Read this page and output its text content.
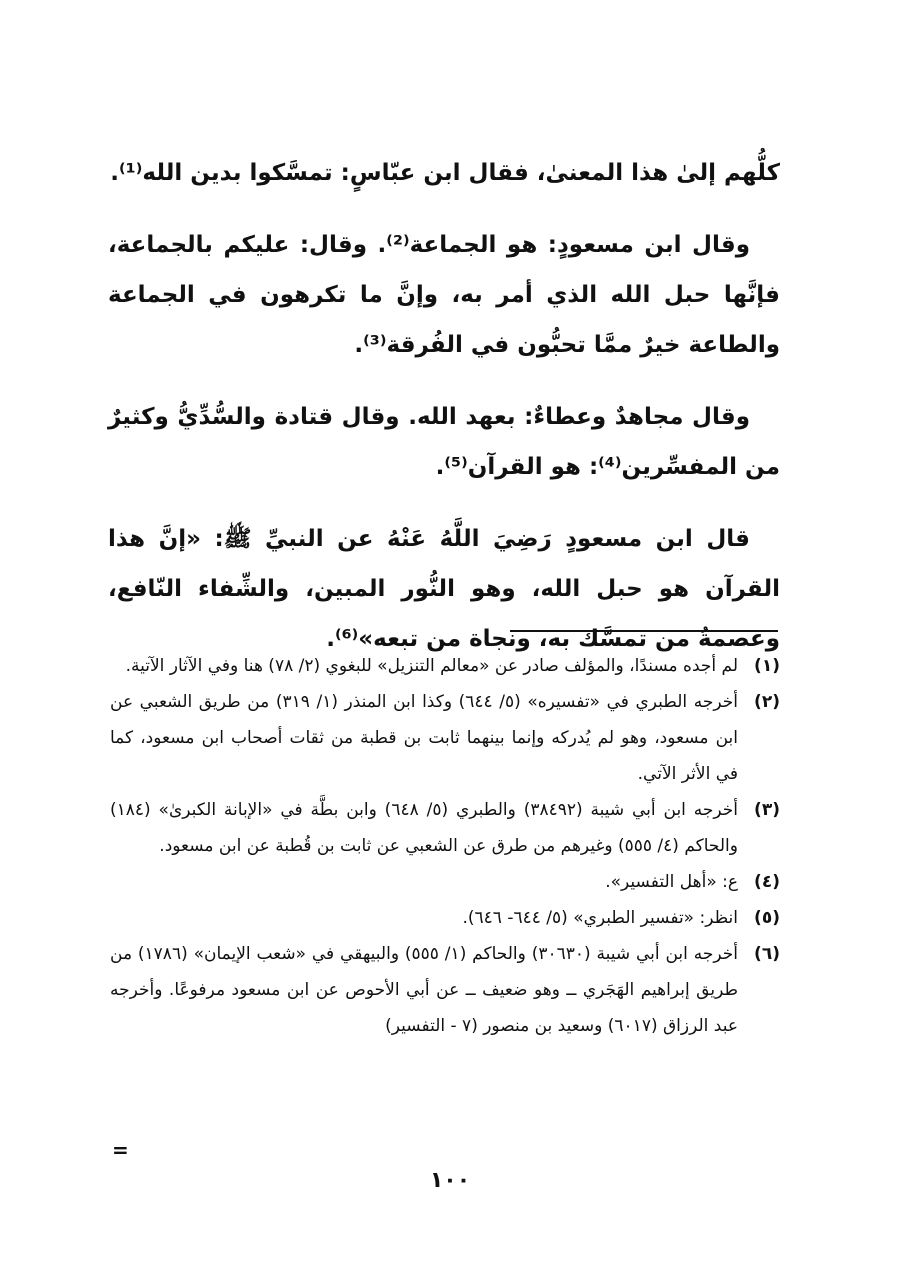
كلُّهم إلىٰ هذا المعنىٰ، فقال ابن عبّاسٍ: تمسَّكوا بدين الله⁽¹⁾.

وقال ابن مسعودٍ: هو الجماعة⁽²⁾. وقال: عليكم بالجماعة، فإنَّها حبل الله الذي أمر به، وإنَّ ما تكرهون في الجماعة والطاعة خيرٌ ممَّا تحبُّون في الفُرقة⁽³⁾.

وقال مجاهدٌ وعطاءٌ: بعهد الله. وقال قتادة والسُّدِّيُّ وكثيرٌ من المفسِّرين⁽⁴⁾: هو القرآن⁽⁵⁾.

قال ابن مسعودٍ رَضِيَ اللَّهُ عَنْهُ عن النبيِّ ﷺ: «إنَّ هذا القرآن هو حبل الله، وهو النُّور المبين، والشِّفاء النّافع، وعصمةُ من تمسَّك به، ونجاة من تبعه»⁽⁶⁾.

(١)
لم أجده مسندًا، والمؤلف صادر عن «معالم التنزيل» للبغوي (٢/ ٧٨) هنا وفي الآثار الآتية.
(٢)
أخرجه الطبري في «تفسيره» (٥/ ٦٤٤) وكذا ابن المنذر (١/ ٣١٩) من طريق الشعبي عن ابن مسعود، وهو لم يُدركه وإنما بينهما ثابت بن قطبة من ثقات أصحاب ابن مسعود، كما في الأثر الآتي.
(٣)
أخرجه ابن أبي شيبة (٣٨٤٩٢) والطبري (٥/ ٦٤٨) وابن بطَّة في «الإبانة الكبرىٰ» (١٨٤) والحاكم (٤/ ٥٥٥) وغيرهم من طرق عن الشعبي عن ثابت بن قُطبة عن ابن مسعود.
(٤)
ع: «أهل التفسير».
(٥)
انظر: «تفسير الطبري» (٥/ ٦٤٤- ٦٤٦).
(٦)
أخرجه ابن أبي شيبة (٣٠٦٣٠) والحاكم (١/ ٥٥٥) والبيهقي في «شعب الإيمان» (١٧٨٦) من طريق إبراهيم الهَجَري ــ وهو ضعيف ــ عن أبي الأحوص عن ابن مسعود مرفوعًا. وأخرجه عبد الرزاق (٦٠١٧) وسعيد بن منصور (٧ - التفسير)
=
١٠٠
